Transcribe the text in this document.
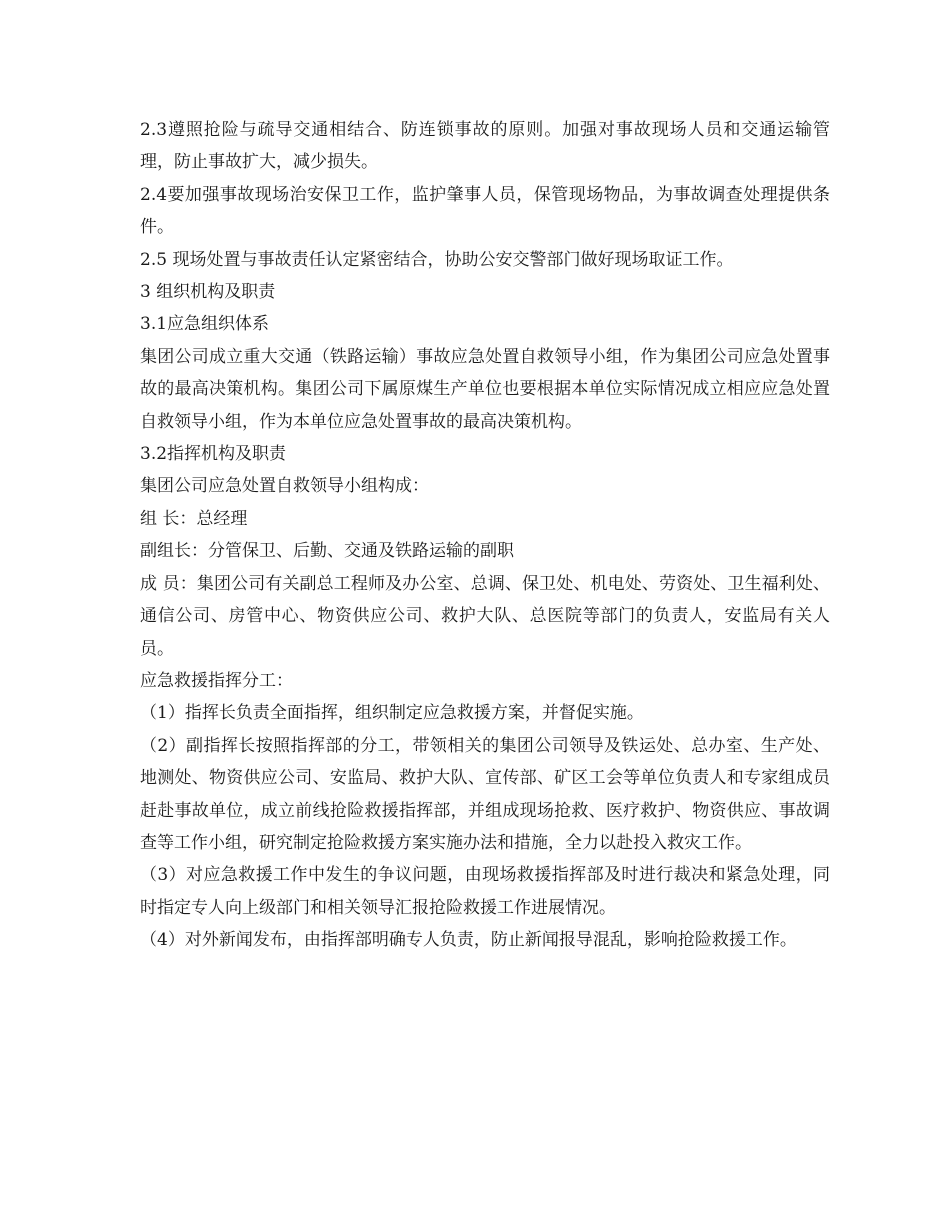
2.3遵照抢险与疏导交通相结合、防连锁事故的原则。加强对事故现场人员和交通运输管理，防止事故扩大，减少损失。

2.4要加强事故现场治安保卫工作，监护肇事人员，保管现场物品，为事故调查处理提供条件。

2.5 现场处置与事故责任认定紧密结合，协助公安交警部门做好现场取证工作。

3 组织机构及职责

3.1应急组织体系

集团公司成立重大交通（铁路运输）事故应急处置自救领导小组，作为集团公司应急处置事故的最高决策机构。集团公司下属原煤生产单位也要根据本单位实际情况成立相应应急处置自救领导小组，作为本单位应急处置事故的最高决策机构。

3.2指挥机构及职责

集团公司应急处置自救领导小组构成：

组 长：总经理

副组长：分管保卫、后勤、交通及铁路运输的副职

成 员：集团公司有关副总工程师及办公室、总调、保卫处、机电处、劳资处、卫生福利处、通信公司、房管中心、物资供应公司、救护大队、总医院等部门的负责人，安监局有关人员。

应急救援指挥分工：

（1）指挥长负责全面指挥，组织制定应急救援方案，并督促实施。

（2）副指挥长按照指挥部的分工，带领相关的集团公司领导及铁运处、总办室、生产处、地测处、物资供应公司、安监局、救护大队、宣传部、矿区工会等单位负责人和专家组成员赶赴事故单位，成立前线抢险救援指挥部，并组成现场抢救、医疗救护、物资供应、事故调查等工作小组，研究制定抢险救援方案实施办法和措施，全力以赴投入救灾工作。

（3）对应急救援工作中发生的争议问题，由现场救援指挥部及时进行裁决和紧急处理，同时指定专人向上级部门和相关领导汇报抢险救援工作进展情况。

（4）对外新闻发布，由指挥部明确专人负责，防止新闻报导混乱，影响抢险救援工作。
